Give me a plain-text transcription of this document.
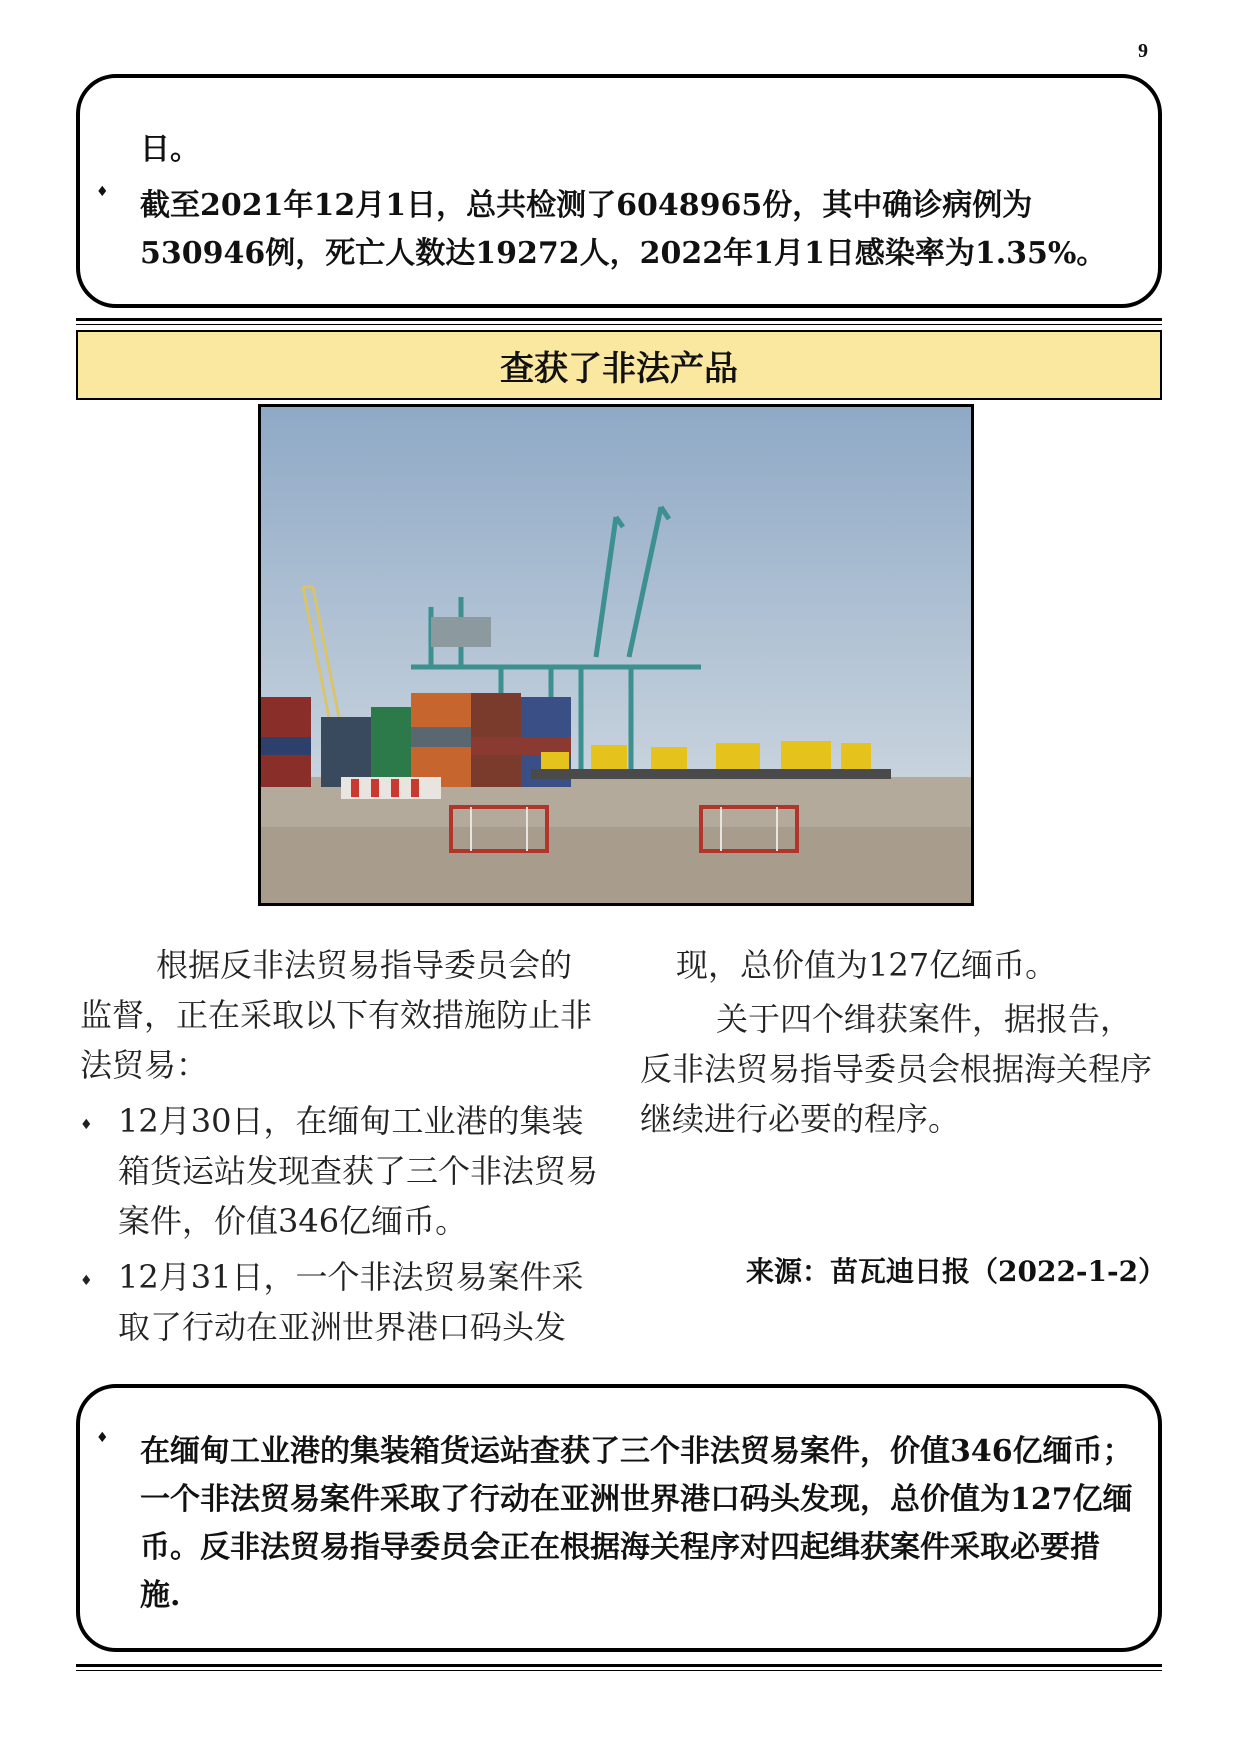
9
日。
♦	截至2021年12月1日，总共检测了6048965份，其中确诊病例为530946例，死亡人数达19272人，2022年1月1日感染率为1.35%。
查获了非法产品

根据反非法贸易指导委员会的监督，正在采取以下有效措施防止非法贸易：

♦ 12月30日，在缅甸工业港的集装箱货运站发现查获了三个非法贸易案件，价值346亿缅币。
♦ 12月31日，一个非法贸易案件采取了行动在亚洲世界港口码头发

现，总价值为127亿缅币。

关于四个缉获案件，据报告，反非法贸易指导委员会根据海关程序继续进行必要的程序。

来源：苗瓦迪日报（2022-1-2）
♦	在缅甸工业港的集装箱货运站查获了三个非法贸易案件，价值346亿缅币；一个非法贸易案件采取了行动在亚洲世界港口码头发现，总价值为127亿缅币。反非法贸易指导委员会正在根据海关程序对四起缉获案件采取必要措施.
